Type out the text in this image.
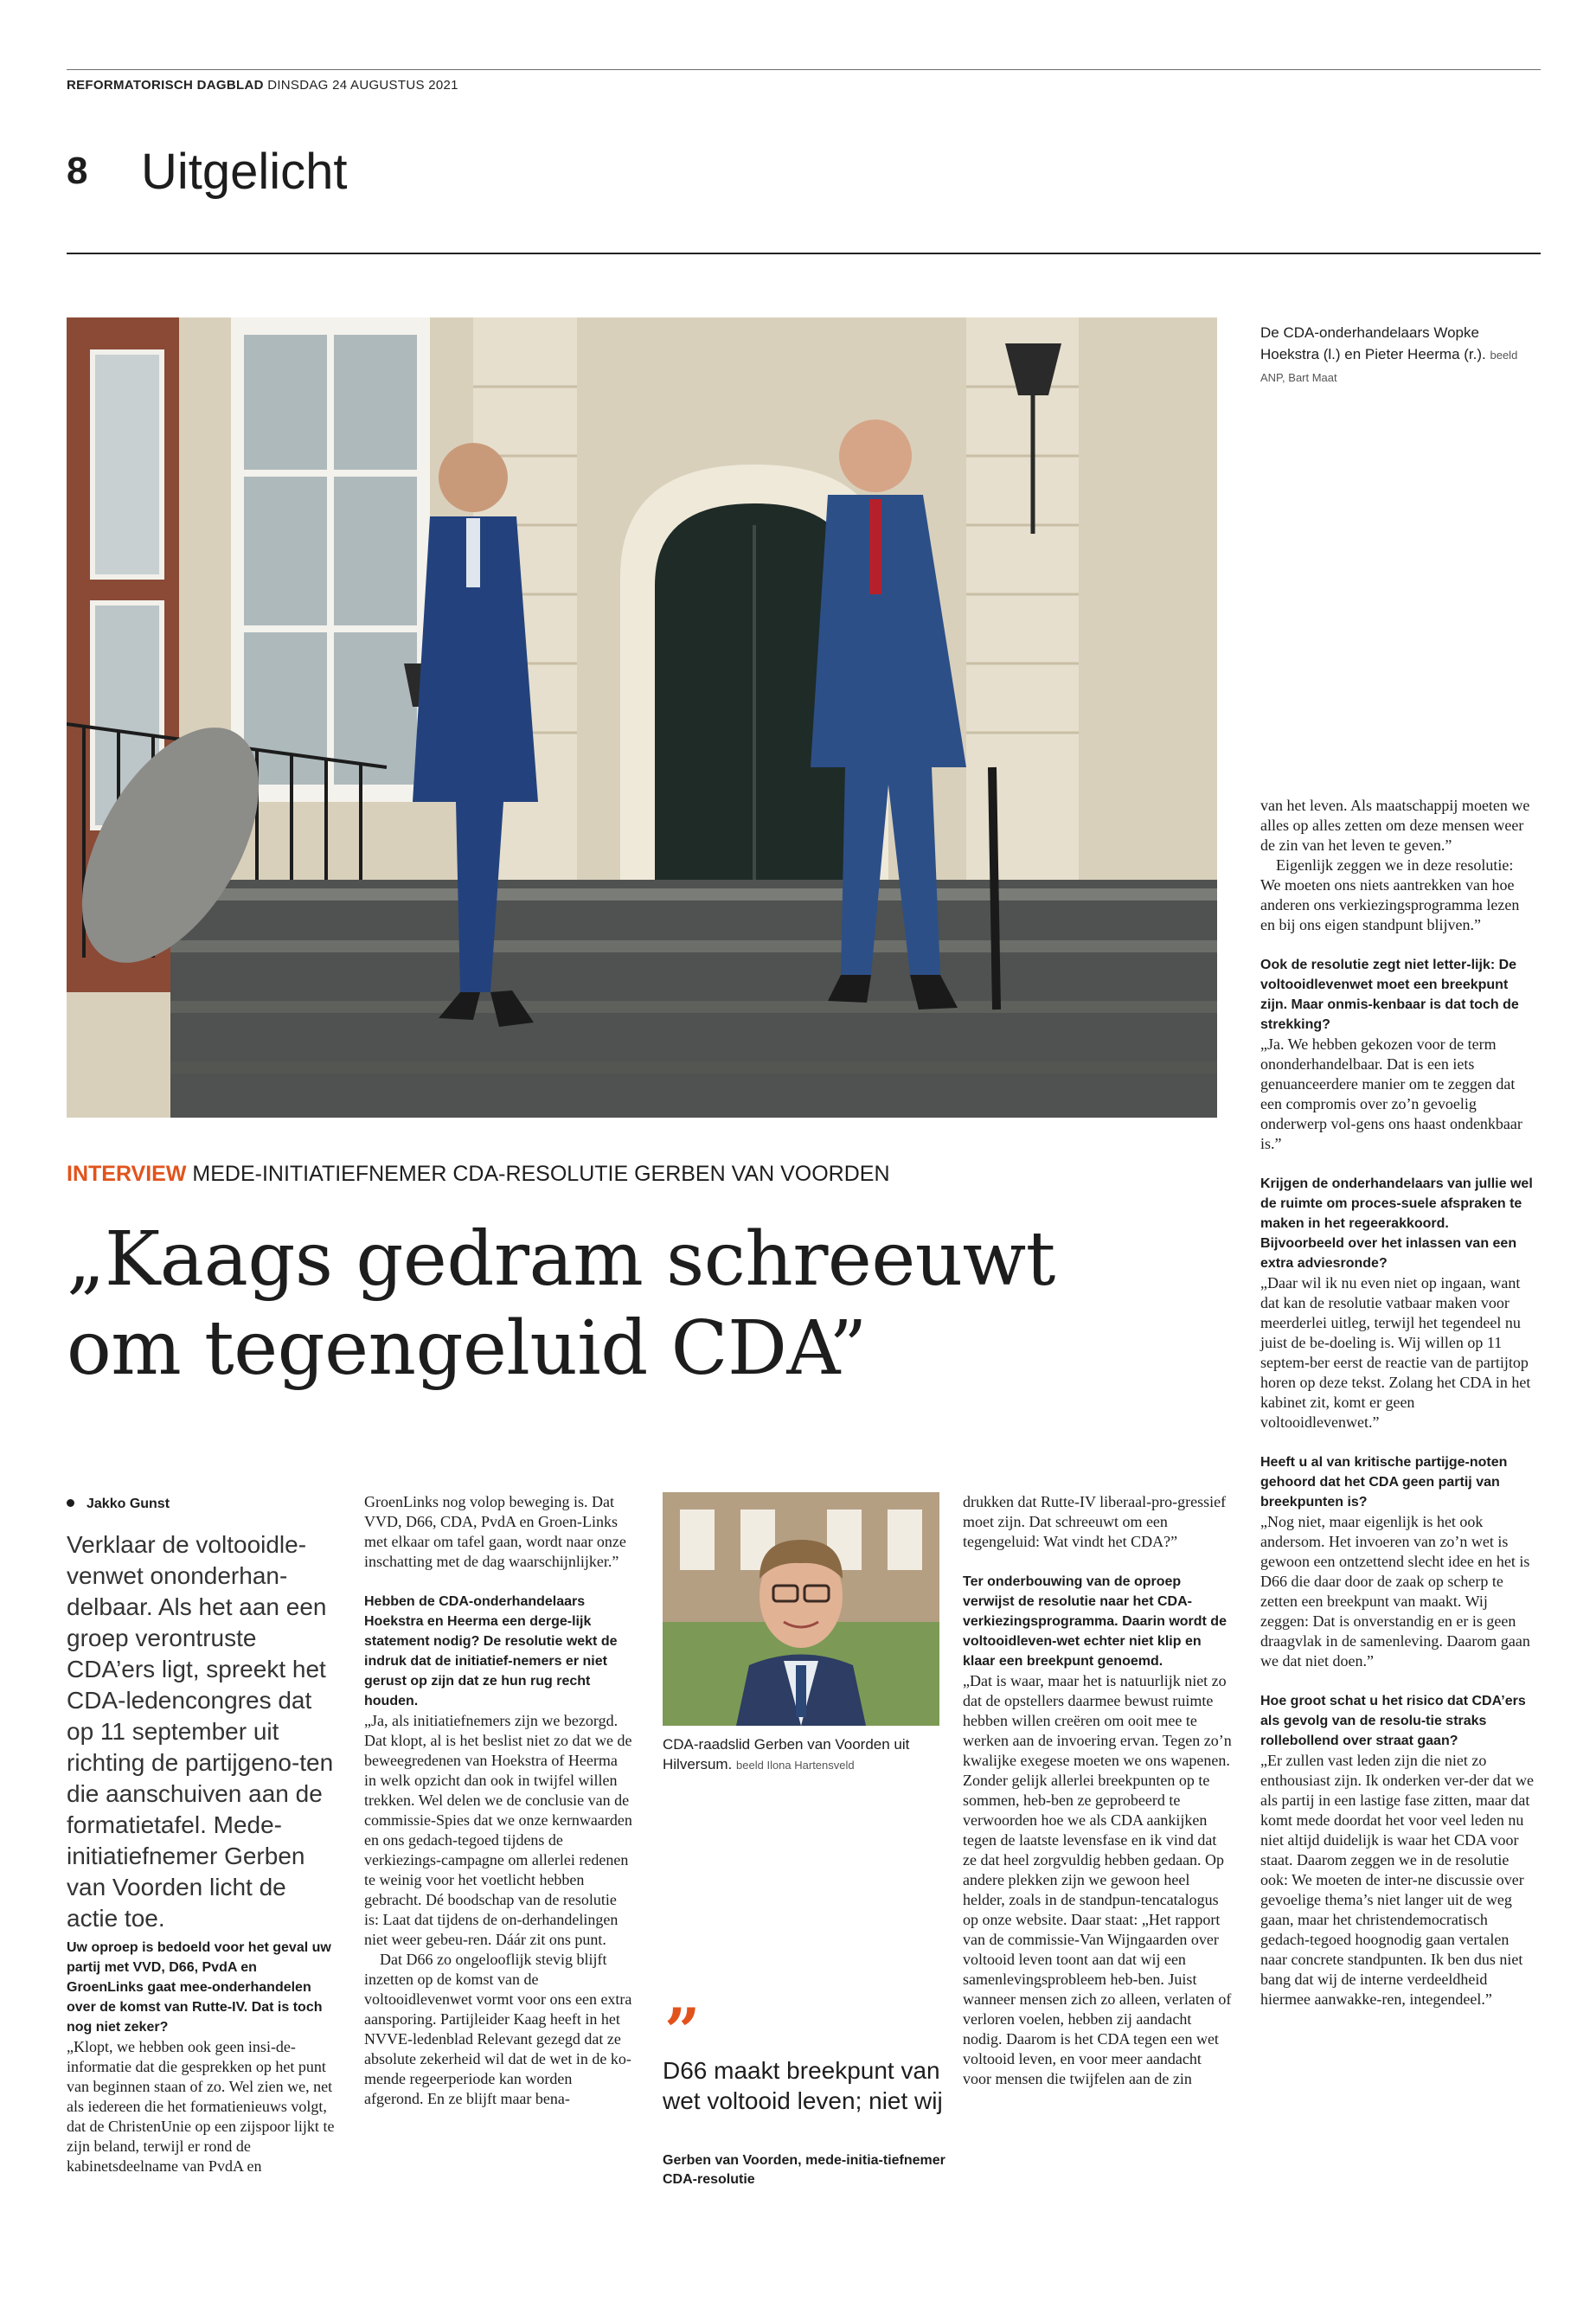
REFORMATORISCH DAGBLAD DINSDAG 24 AUGUSTUS 2021
8 Uitgelicht
De CDA-onderhandelaars Wopke Hoekstra (l.) en Pieter Heerma (r.). beeld ANP, Bart Maat
INTERVIEW MEDE-INITIATIEFNEMER CDA-RESOLUTIE GERBEN VAN VOORDEN
„Kaags gedram schreeuwt
om tegengeluid CDA”
Jakko Gunst
Verklaar de voltooidle-venwet ononderhan-delbaar. Als het aan een groep verontruste CDA’ers ligt, spreekt het CDA-ledencongres dat op 11 september uit richting de partijgeno-ten die aanschuiven aan de formatietafel. Mede-initiatiefnemer Gerben van Voorden licht de actie toe.

Uw oproep is bedoeld voor het geval uw partij met VVD, D66, PvdA en GroenLinks gaat mee-onderhandelen over de komst van Rutte-IV. Dat is toch nog niet zeker?

„Klopt, we hebben ook geen insi-de-informatie dat die gesprekken op het punt van beginnen staan of zo. Wel zien we, net als iedereen die het formatienieuws volgt, dat de ChristenUnie op een zijspoor lijkt te zijn beland, terwijl er rond de kabinetsdeelname van PvdA en

GroenLinks nog volop beweging is. Dat VVD, D66, CDA, PvdA en Groen-Links met elkaar om tafel gaan, wordt naar onze inschatting met de dag waarschijnlijker.”

Hebben de CDA-onderhandelaars Hoekstra en Heerma een derge-lijk statement nodig? De resolutie wekt de indruk dat de initiatief-nemers er niet gerust op zijn dat ze hun rug recht houden.

„Ja, als initiatiefnemers zijn we bezorgd. Dat klopt, al is het beslist niet zo dat we de beweegredenen van Hoekstra of Heerma in welk opzicht dan ook in twijfel willen trekken. Wel delen we de conclusie van de commissie-Spies dat we onze kernwaarden en ons gedach-tegoed tijdens de verkiezings-campagne om allerlei redenen te weinig voor het voetlicht hebben gebracht. Dé boodschap van de resolutie is: Laat dat tijdens de on-derhandelingen niet weer gebeu-ren. Dáár zit ons punt.

Dat D66 zo ongelooflijk stevig blijft inzetten op de komst van de voltooidlevenwet vormt voor ons een extra aansporing. Partijleider Kaag heeft in het NVVE-ledenblad Relevant gezegd dat ze absolute zekerheid wil dat de wet in de ko-mende regeerperiode kan worden afgerond. En ze blijft maar bena-

CDA-raadslid Gerben van Voorden uit Hilversum. beeld Ilona Hartensveld
”
D66 maakt breekpunt van wet voltooid leven; niet wij
Gerben van Voorden, mede-initia-tiefnemer CDA-resolutie

drukken dat Rutte-IV liberaal-pro-gressief moet zijn. Dat schreeuwt om een tegengeluid: Wat vindt het CDA?”

Ter onderbouwing van de oproep verwijst de resolutie naar het CDA-verkiezingsprogramma. Daarin wordt de voltooidleven-wet echter niet klip en klaar een breekpunt genoemd.

„Dat is waar, maar het is natuurlijk niet zo dat de opstellers daarmee bewust ruimte hebben willen creëren om ooit mee te werken aan de invoering ervan. Tegen zo’n kwalijke exegese moeten we ons wapenen. Zonder gelijk allerlei breekpunten op te sommen, heb-ben ze geprobeerd te verwoorden hoe we als CDA aankijken tegen de laatste levensfase en ik vind dat ze dat heel zorgvuldig hebben gedaan. Op andere plekken zijn we gewoon heel helder, zoals in de standpun-tencatalogus op onze website. Daar staat: „Het rapport van de commissie-Van Wijngaarden over voltooid leven toont aan dat wij een samenlevingsprobleem heb-ben. Juist wanneer mensen zich zo alleen, verlaten of verloren voelen, hebben zij aandacht nodig. Daarom is het CDA tegen een wet voltooid leven, en voor meer aandacht voor mensen die twijfelen aan de zin

van het leven. Als maatschappij moeten we alles op alles zetten om deze mensen weer de zin van het leven te geven.”

Eigenlijk zeggen we in deze resolutie: We moeten ons niets aantrekken van hoe anderen ons verkiezingsprogramma lezen en bij ons eigen standpunt blijven.”

Ook de resolutie zegt niet letter-lijk: De voltooidlevenwet moet een breekpunt zijn. Maar onmis-kenbaar is dat toch de strekking?

„Ja. We hebben gekozen voor de term ononderhandelbaar. Dat is een iets genuanceerdere manier om te zeggen dat een compromis over zo’n gevoelig onderwerp vol-gens ons haast ondenkbaar is.”

Krijgen de onderhandelaars van jullie wel de ruimte om proces-suele afspraken te maken in het regeerakkoord. Bijvoorbeeld over het inlassen van een extra adviesronde?

„Daar wil ik nu even niet op ingaan, want dat kan de resolutie vatbaar maken voor meerderlei uitleg, terwijl het tegendeel nu juist de be-doeling is. Wij willen op 11 septem-ber eerst de reactie van de partijtop horen op deze tekst. Zolang het CDA in het kabinet zit, komt er geen voltooidlevenwet.”

Heeft u al van kritische partijge-noten gehoord dat het CDA geen partij van breekpunten is?

„Nog niet, maar eigenlijk is het ook andersom. Het invoeren van zo’n wet is gewoon een ontzettend slecht idee en het is D66 die daar door de zaak op scherp te zetten een breekpunt van maakt. Wij zeggen: Dat is onverstandig en er is geen draagvlak in de samenleving. Daarom gaan we dat niet doen.”

Hoe groot schat u het risico dat CDA’ers als gevolg van de resolu-tie straks rollebollend over straat gaan?

„Er zullen vast leden zijn die niet zo enthousiast zijn. Ik onderken ver-der dat we als partij in een lastige fase zitten, maar dat komt mede doordat het voor veel leden nu niet altijd duidelijk is waar het CDA voor staat. Daarom zeggen we in de resolutie ook: We moeten de inter-ne discussie over gevoelige thema’s niet langer uit de weg gaan, maar het christendemocratisch gedach-tegoed hoognodig gaan vertalen naar concrete standpunten. Ik ben dus niet bang dat wij de interne verdeeldheid hiermee aanwakke-ren, integendeel.”
